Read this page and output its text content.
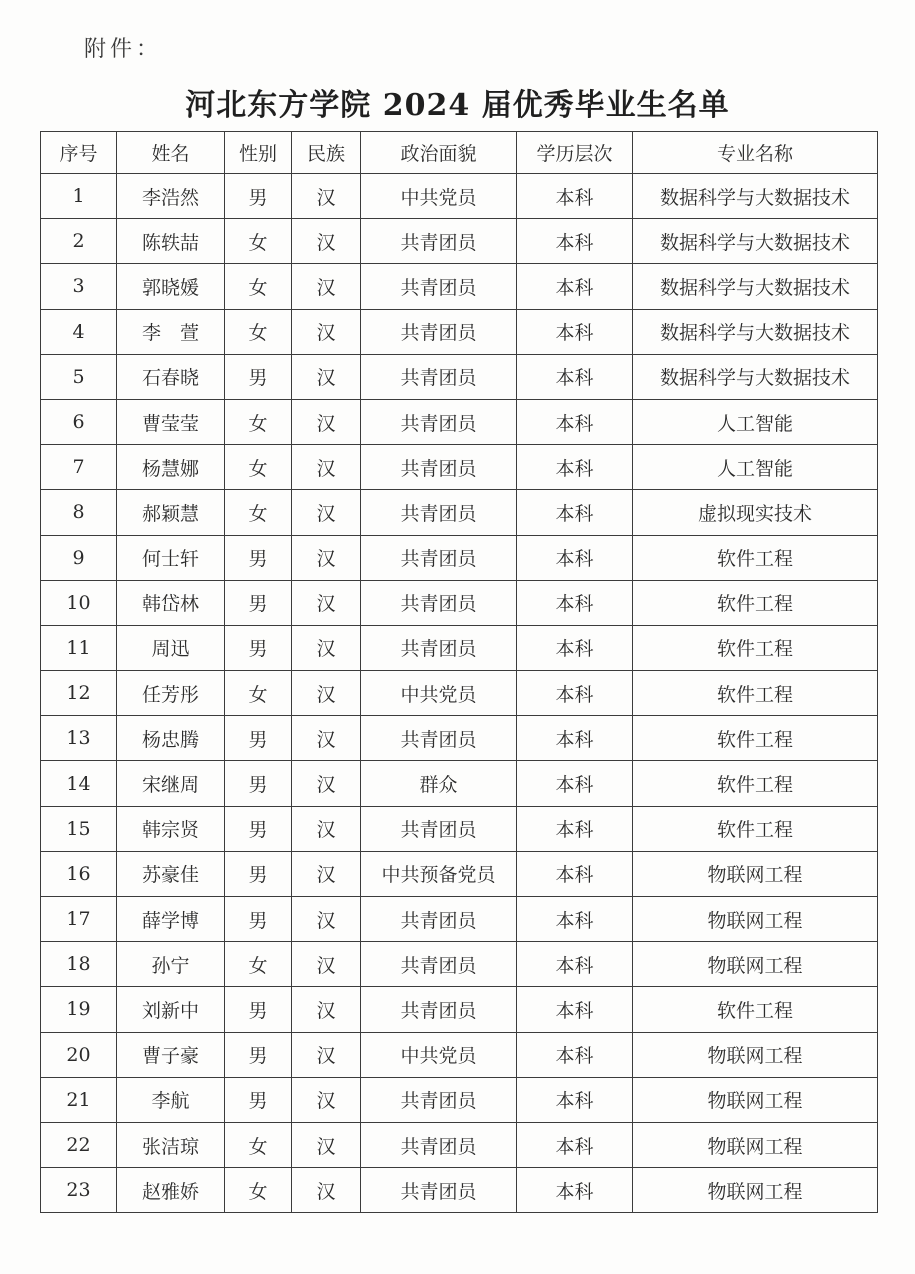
附件：
河北东方学院 2024 届优秀毕业生名单
序号	姓名	性别	民族	政治面貌	学历层次	专业名称
1	李浩然	男	汉	中共党员	本科	数据科学与大数据技术
2	陈轶喆	女	汉	共青团员	本科	数据科学与大数据技术
3	郭晓媛	女	汉	共青团员	本科	数据科学与大数据技术
4	李　萱	女	汉	共青团员	本科	数据科学与大数据技术
5	石春晓	男	汉	共青团员	本科	数据科学与大数据技术
6	曹莹莹	女	汉	共青团员	本科	人工智能
7	杨慧娜	女	汉	共青团员	本科	人工智能
8	郝颖慧	女	汉	共青团员	本科	虚拟现实技术
9	何士轩	男	汉	共青团员	本科	软件工程
10	韩岱林	男	汉	共青团员	本科	软件工程
11	周迅	男	汉	共青团员	本科	软件工程
12	任芳彤	女	汉	中共党员	本科	软件工程
13	杨忠腾	男	汉	共青团员	本科	软件工程
14	宋继周	男	汉	群众	本科	软件工程
15	韩宗贤	男	汉	共青团员	本科	软件工程
16	苏豪佳	男	汉	中共预备党员	本科	物联网工程
17	薛学博	男	汉	共青团员	本科	物联网工程
18	孙宁	女	汉	共青团员	本科	物联网工程
19	刘新中	男	汉	共青团员	本科	软件工程
20	曹子豪	男	汉	中共党员	本科	物联网工程
21	李航	男	汉	共青团员	本科	物联网工程
22	张洁琼	女	汉	共青团员	本科	物联网工程
23	赵雅娇	女	汉	共青团员	本科	物联网工程
